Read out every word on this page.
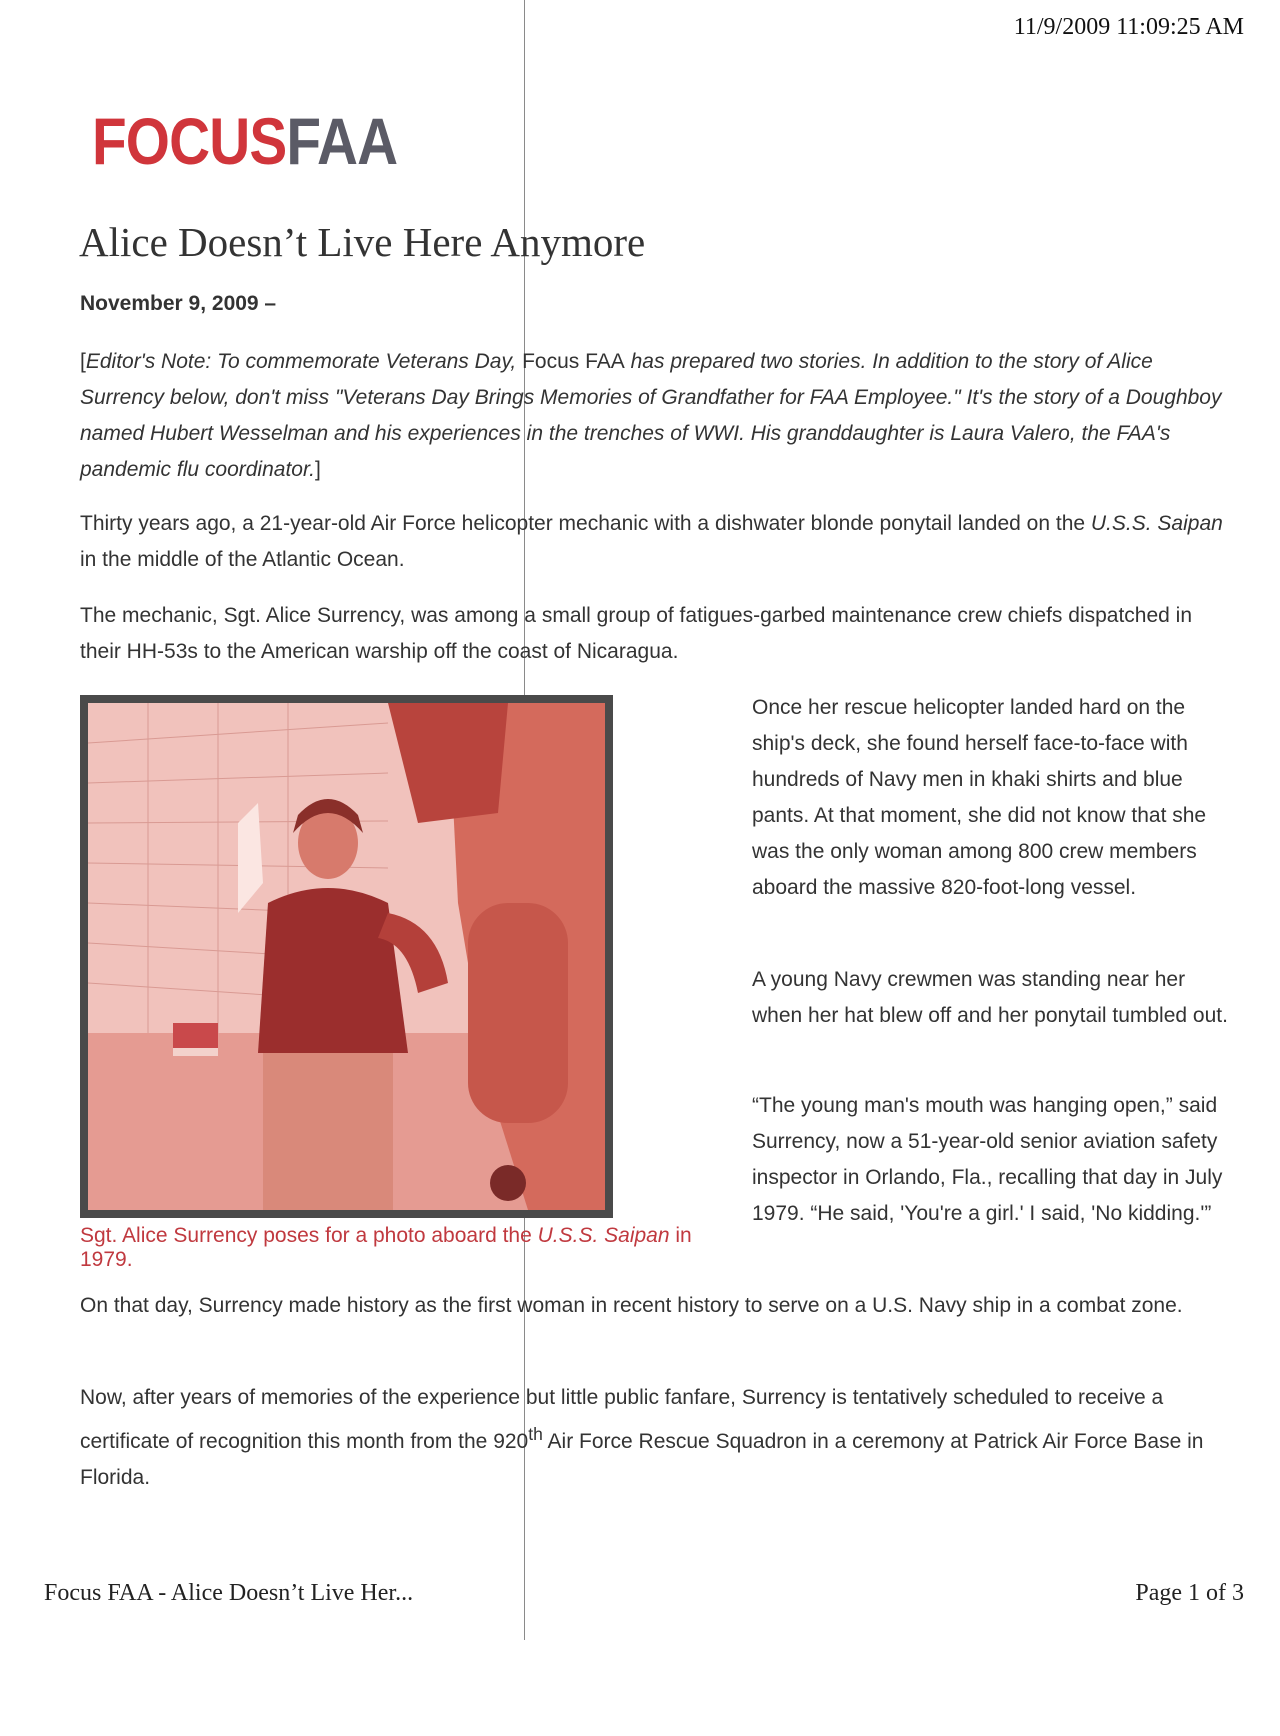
11/9/2009 11:09:25 AM
FOCUSFAA
Alice Doesn’t Live Here Anymore
November 9, 2009 –

[Editor's Note: To commemorate Veterans Day, Focus FAA has prepared two stories. In addition to the story of Alice Surrency below, don't miss "Veterans Day Brings Memories of Grandfather for FAA Employee." It's the story of a Doughboy named Hubert Wesselman and his experiences in the trenches of WWI. His granddaughter is Laura Valero, the FAA's pandemic flu coordinator.]

Thirty years ago, a 21-year-old Air Force helicopter mechanic with a dishwater blonde ponytail landed on the U.S.S. Saipan in the middle of the Atlantic Ocean.

The mechanic, Sgt. Alice Surrency, was among a small group of fatigues-garbed maintenance crew chiefs dispatched in their HH-53s to the American warship off the coast of Nicaragua.

Sgt. Alice Surrency poses for a photo aboard the U.S.S. Saipan in 1979.

Once her rescue helicopter landed hard on the ship's deck, she found herself face-to-face with hundreds of Navy men in khaki shirts and blue pants. At that moment, she did not know that she was the only woman among 800 crew members aboard the massive 820-foot-long vessel.

A young Navy crewmen was standing near her when her hat blew off and her ponytail tumbled out.

“The young man's mouth was hanging open,” said Surrency, now a 51-year-old senior aviation safety inspector in Orlando, Fla., recalling that day in July 1979. “He said, 'You're a girl.' I said, 'No kidding.'”

On that day, Surrency made history as the first woman in recent history to serve on a U.S. Navy ship in a combat zone.

Now, after years of memories of the experience but little public fanfare, Surrency is tentatively scheduled to receive a certificate of recognition this month from the 920th Air Force Rescue Squadron in a ceremony at Patrick Air Force Base in Florida.

Focus FAA - Alice Doesn’t Live Her...	Page 1 of 3
